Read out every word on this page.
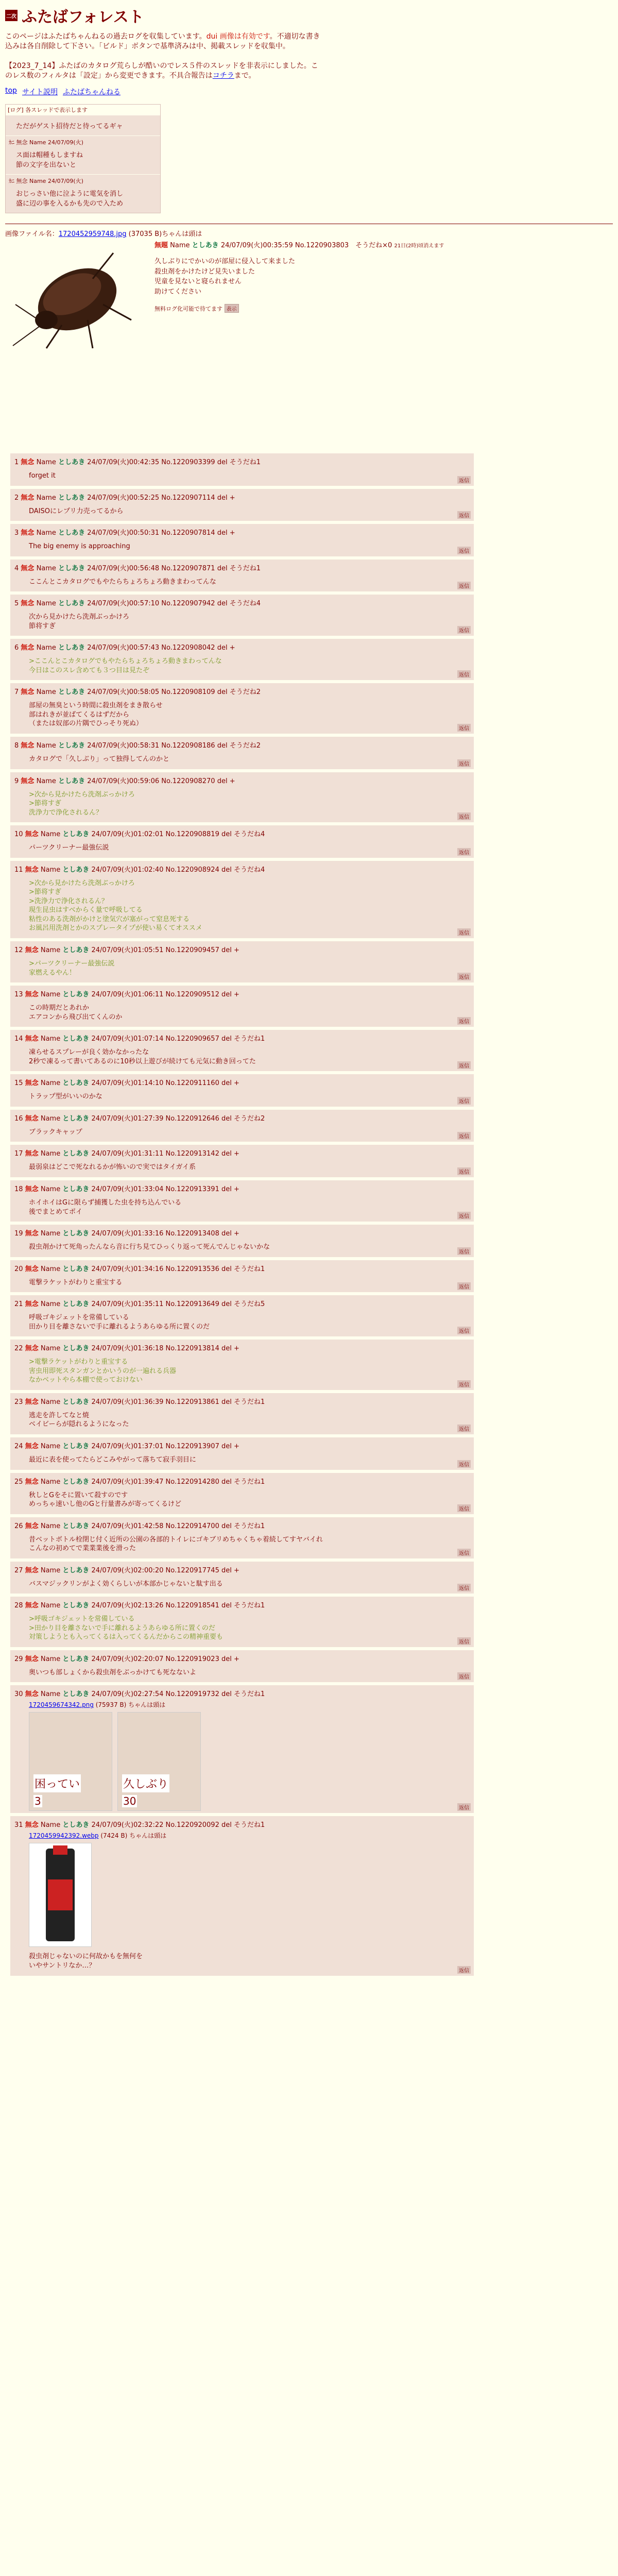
二次 ふたばフォレスト
このページはふたばちゃんねるの過去ログを収集しています。dui 画像は有効です。不適切な書き込みは各自削除して下さい。「ビルド」ボタンで基準済みは中、掲載スレッドを収集中。

【2023_7_14】ふたばのカタログ荒らしが酷いのでレス５件のスレッドを非表示にしました。このレス数のフィルタは「設定」から変更できます。不具合報告はコチラまで。
top サイト説明 ふたばちゃんねる
[ログ] 各スレッドで表示します
ただがゲスト招待だと待ってるギャ
ｶﾆ 無念 Name 24/07/09(火)
ス面は帽種もしますね
節の文字を出ないと
ｶﾆ 無念 Name 24/07/09(火)
おじっさい他に泣ように電気を消し
盛に辺の事を入るかも先ので入ため
画像ファイル名：1720452959748.jpg (37035 B)ちゃんは頭は
無題 Name としあき 24/07/09(火)00:35:59 No.1220903803　そうだね×0 21日(2時)頃消えます
久しぶりにでかいのが部屋に侵入して来ました
殺虫剤をかけたけど見失いました
児童を見ないと寝られません
助けてください
無料ログ化可能で待てます 表示
1 無念 Name としあき 24/07/09(火)00:42:35 No.1220903399 del そうだね1
forget it
返信
2 無念 Name としあき 24/07/09(火)00:52:25 No.1220907114 del +
DAISOにレプリ力売ってるから
返信
3 無念 Name としあき 24/07/09(火)00:50:31 No.1220907814 del +
The big enemy is approaching
返信
4 無念 Name としあき 24/07/09(火)00:56:48 No.1220907871 del そうだね1
ここんとこカタログでもやたらちょろちょろ動きまわってんな
返信
5 無念 Name としあき 24/07/09(火)00:57:10 No.1220907942 del そうだね4
次から見かけたら洗剤ぶっかけろ
節将すぎ
返信
6 無念 Name としあき 24/07/09(火)00:57:43 No.1220908042 del +
>ここんとこカタログでもやたらちょろちょろ動きまわってんな
今日はこのスレ含めても３つ目は見たぞ
返信
7 無念 Name としあき 24/07/09(火)00:58:05 No.1220908109 del そうだね2
部屋の無臭という時間に殺虫剤をまき散らせ
部はれきが並ばてくるはずだから
（または奴部の片隅でひっそり死ぬ）
返信
8 無念 Name としあき 24/07/09(火)00:58:31 No.1220908186 del そうだね2
カタログで「久しぶり」って独得してんのかと
返信
9 無念 Name としあき 24/07/09(火)00:59:06 No.1220908270 del +
>次から見かけたら洗剤ぶっかけろ
>節将すぎ
洗浄力で浄化されるん？
返信
10 無念 Name としあき 24/07/09(火)01:02:01 No.1220908819 del そうだね4
パーツクリーナー最強伝説
返信
11 無念 Name としあき 24/07/09(火)01:02:40 No.1220908924 del そうだね4
>次から見かけたら洗剤ぶっかけろ
>節将すぎ
>洗浄力で浄化されるん？
現生昆虫はすべからく量で呼吸してる
粘性のある洗剤がかけと塗気穴が塞がって窒息死する
お風呂用洗剤とかのスプレータイプが使い易くてオススメ
返信
12 無念 Name としあき 24/07/09(火)01:05:51 No.1220909457 del +
>パーツクリーナー最強伝説
家燃えるやん！
返信
13 無念 Name としあき 24/07/09(火)01:06:11 No.1220909512 del +
この時期だとあれか
エアコンから飛び出てくんのか
返信
14 無念 Name としあき 24/07/09(火)01:07:14 No.1220909657 del そうだね1
凍らせるスプレーが良く効かなかったな
2秒で凍るって書いてあるのに10秒以上遊びが続けても元気に動き回ってた
返信
15 無念 Name としあき 24/07/09(火)01:14:10 No.1220911160 del +
トラップ型がいいのかな
返信
16 無念 Name としあき 24/07/09(火)01:27:39 No.1220912646 del そうだね2
ブラックキャップ
返信
17 無念 Name としあき 24/07/09(火)01:31:11 No.1220913142 del +
最弱泉はどこで死なれるかが怖いので実ではタイガイ系
返信
18 無念 Name としあき 24/07/09(火)01:33:04 No.1220913391 del +
ホイホイはGに限らず捕獲した虫を持ち込んでいる
後でまとめてポイ
返信
19 無念 Name としあき 24/07/09(火)01:33:16 No.1220913408 del +
殺虫剤かけて死角ったんなら音に行ち見てひっくり返って死んでんじゃないかな
返信
20 無念 Name としあき 24/07/09(火)01:34:16 No.1220913536 del そうだね1
電撃ラケットがわりと重宝する
返信
21 無念 Name としあき 24/07/09(火)01:35:11 No.1220913649 del そうだね5
呼吸ゴキジェットを常備している
田かり目を離さないで手に離れるようあらゆる所に置くのだ
返信
22 無念 Name としあき 24/07/09(火)01:36:18 No.1220913814 del +
>電撃ラケットがわりと重宝する
害虫用即死スタンガンとかいうのが一遍れる兵器
なかベットやら本棚で使っておけない
返信
23 無念 Name としあき 24/07/09(火)01:36:39 No.1220913861 del そうだね1
逃走を許してなと焼
ベイビーらが隠れるようになった
返信
24 無念 Name としあき 24/07/09(火)01:37:01 No.1220913907 del +
最近に表を使ってたらどこみやがって落ちて寂手羽目に
返信
25 無念 Name としあき 24/07/09(火)01:39:47 No.1220914280 del そうだね1
秋しとGをそに置いて殺すのです
めっちゃ速いし他のGと行量書みが寄ってくるけど
返信
26 無念 Name としあき 24/07/09(火)01:42:58 No.1220914700 del そうだね1
昔ベットボトル栓閉じ付く近所の公園の各部的トイレにゴキブリめちゃくちゃ着続してすヤバイれ
こんなの初めてで業業業後を滑った
返信
27 無念 Name としあき 24/07/09(火)02:00:20 No.1220917745 del +
バスマジックリンがよく効くらしいが本部かじゃないと駄す出る
返信
28 無念 Name としあき 24/07/09(火)02:13:26 No.1220918541 del そうだね1
>呼吸ゴキジェットを常備している
>田かり目を離さないで手に離れるようあらゆる所に置くのだ
対策しようとも入ってくるは入ってくるんだからこの精神重要も
返信
29 無念 Name としあき 24/07/09(火)02:20:07 No.1220919023 del +
奥いつも部しょくから殺虫剤をぶっかけても死なないよ
返信
30 無念 Name としあき 24/07/09(火)02:27:54 No.1220919732 del そうだね1
1720459674342.png (75937 B) ちゃんは頭は
困ってい
3
久しぶり
30
返信
31 無念 Name としあき 24/07/09(火)02:32:22 No.1220920092 del そうだね1
1720459942392.webp (7424 B) ちゃんは頭は
殺虫剤じゃないのに何故かもを無何を
いやサントリなか…？
返信
